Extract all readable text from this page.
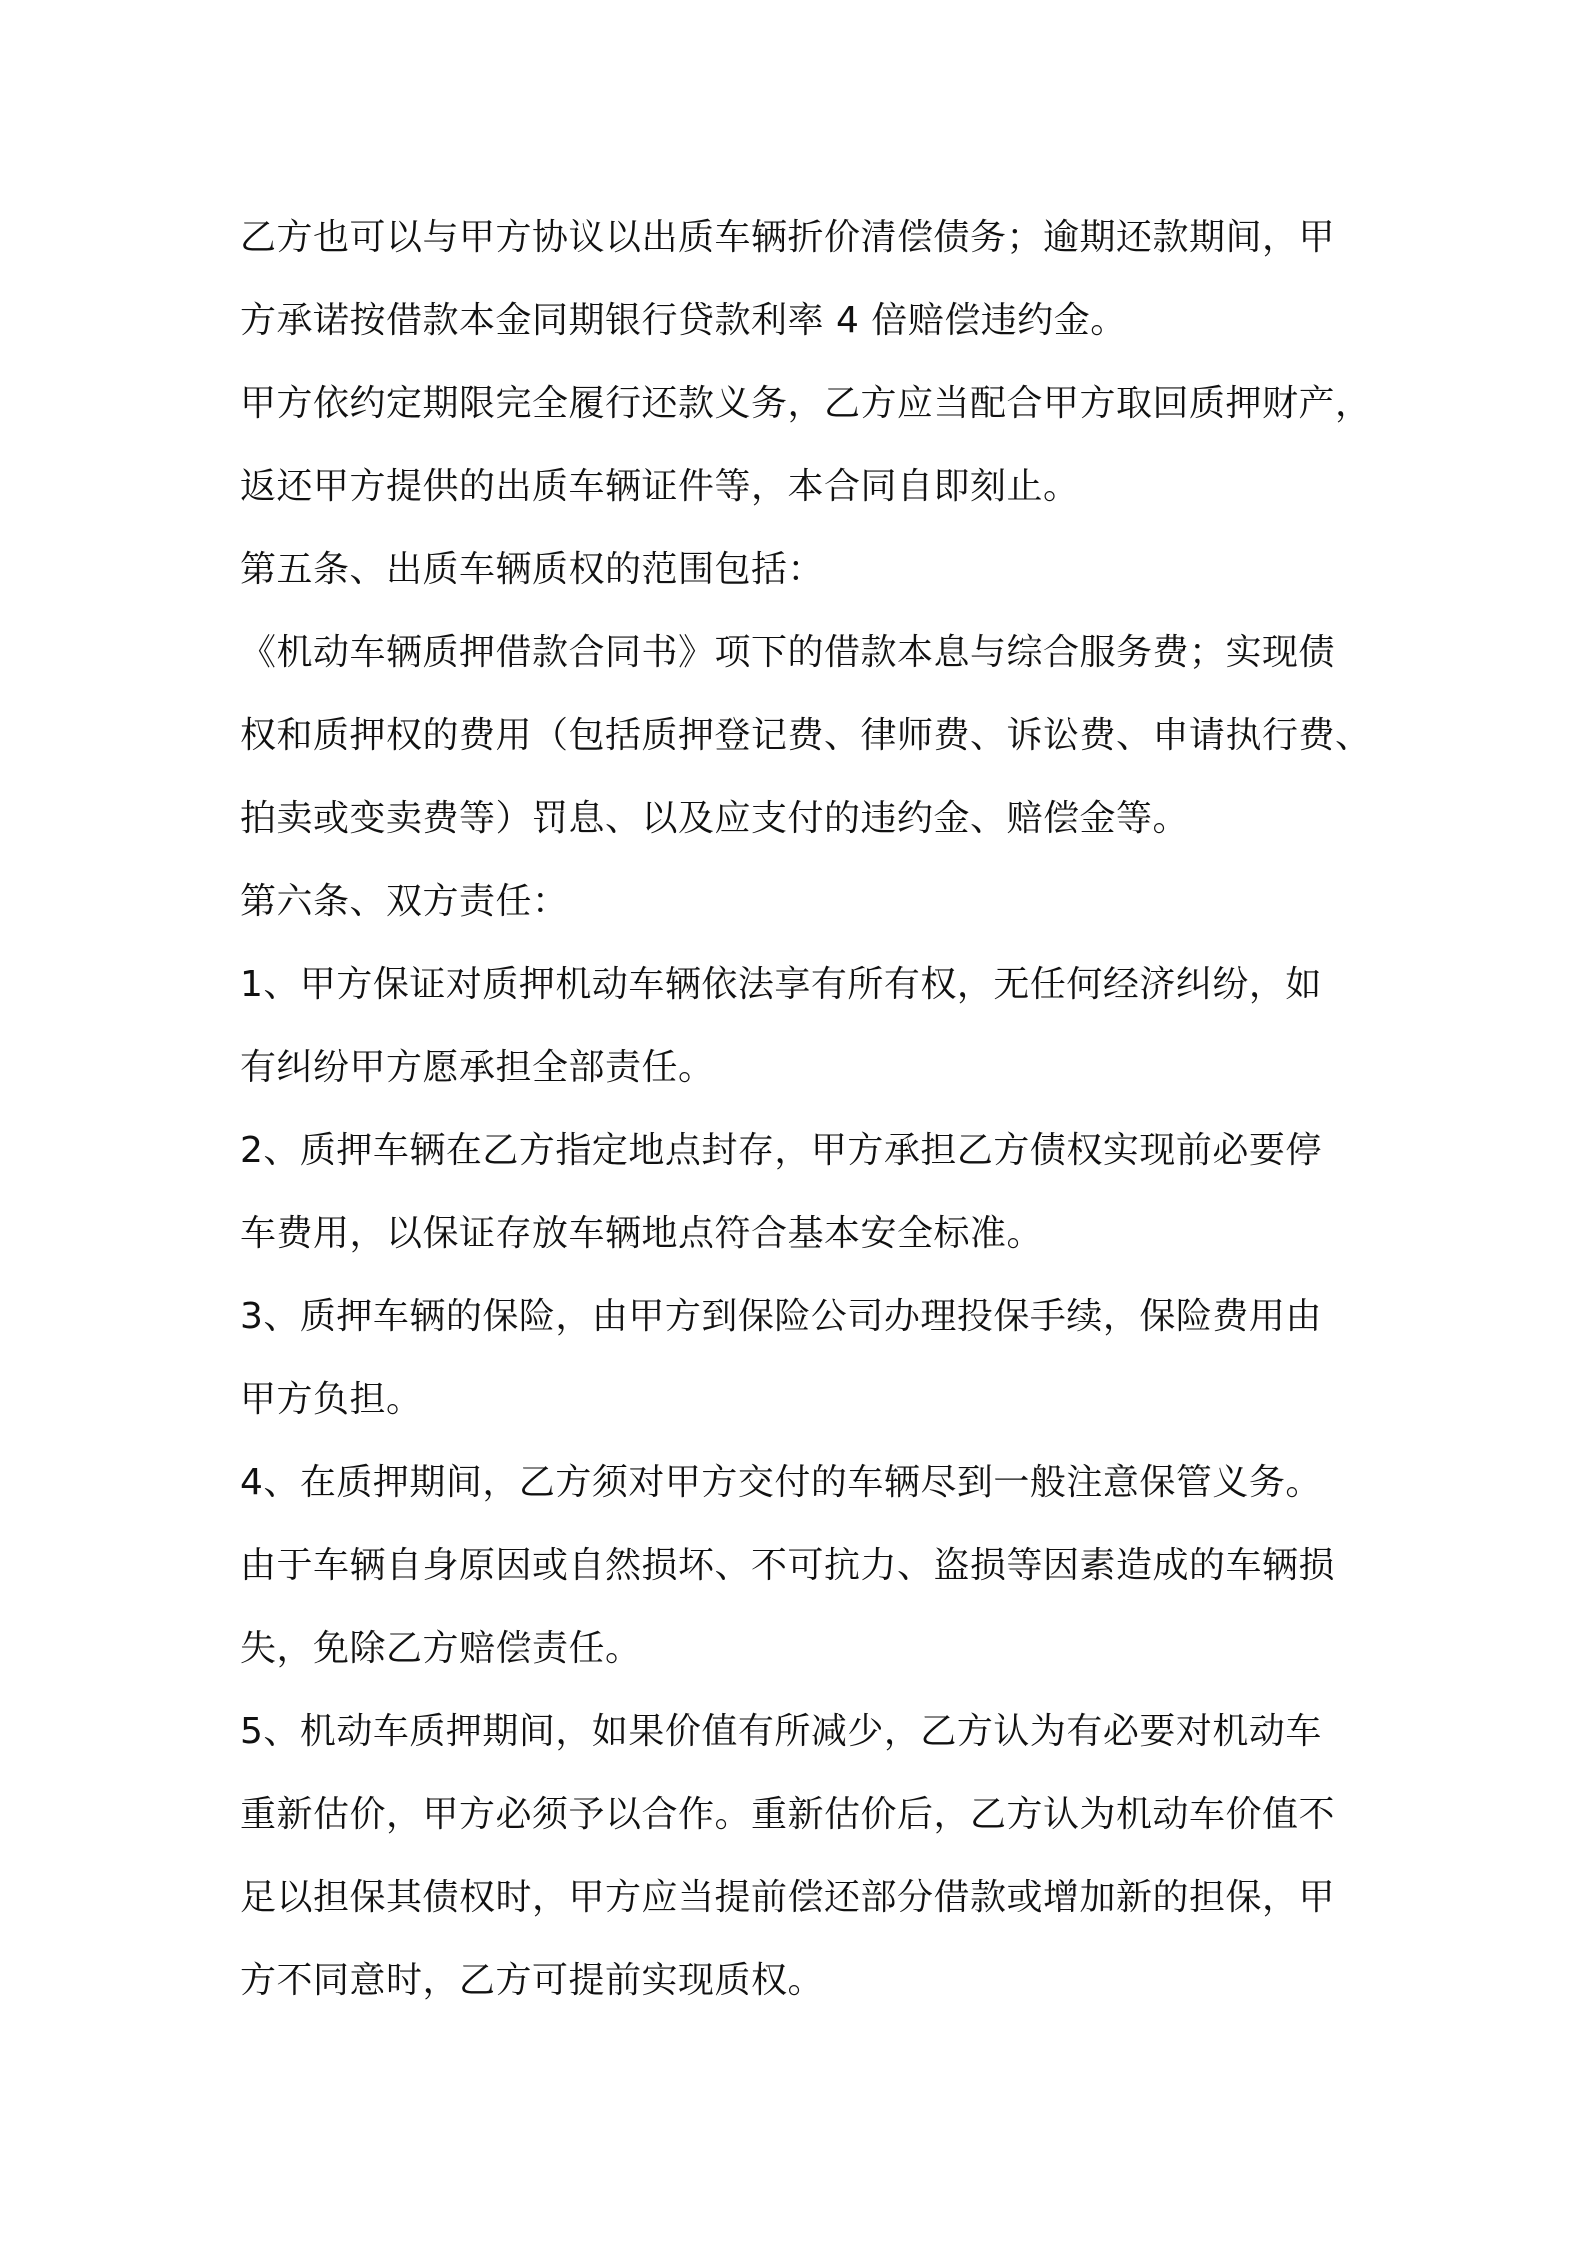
乙方也可以与甲方协议以出质车辆折价清偿债务；逾期还款期间，甲

方承诺按借款本金同期银行贷款利率 4 倍赔偿违约金。

甲方依约定期限完全履行还款义务，乙方应当配合甲方取回质押财产，

返还甲方提供的出质车辆证件等，本合同自即刻止。

第五条、出质车辆质权的范围包括：

《机动车辆质押借款合同书》项下的借款本息与综合服务费；实现债

权和质押权的费用（包括质押登记费、律师费、诉讼费、申请执行费、

拍卖或变卖费等）罚息、以及应支付的违约金、赔偿金等。

第六条、双方责任：

1、甲方保证对质押机动车辆依法享有所有权，无任何经济纠纷，如

有纠纷甲方愿承担全部责任。

2、质押车辆在乙方指定地点封存，甲方承担乙方债权实现前必要停

车费用，以保证存放车辆地点符合基本安全标准。

3、质押车辆的保险，由甲方到保险公司办理投保手续，保险费用由

甲方负担。

4、在质押期间，乙方须对甲方交付的车辆尽到一般注意保管义务。

由于车辆自身原因或自然损坏、不可抗力、盗损等因素造成的车辆损

失，免除乙方赔偿责任。

5、机动车质押期间，如果价值有所减少，乙方认为有必要对机动车

重新估价，甲方必须予以合作。重新估价后，乙方认为机动车价值不

足以担保其债权时，甲方应当提前偿还部分借款或增加新的担保，甲

方不同意时，乙方可提前实现质权。
